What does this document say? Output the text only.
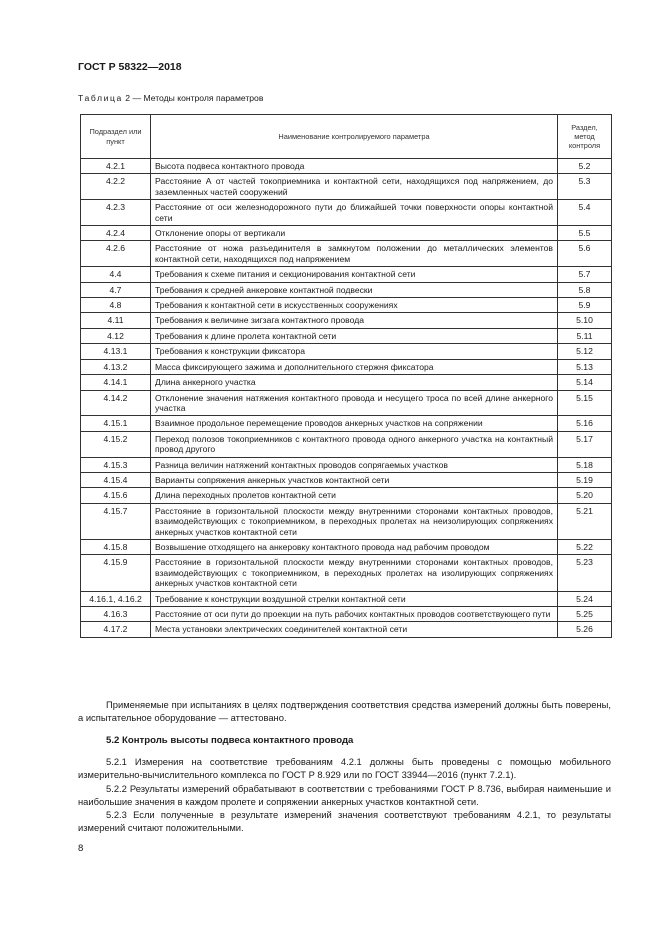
ГОСТ Р 58322—2018
Таблица 2 — Методы контроля параметров
Подраздел или пункт	Наименование контролируемого параметра	Раздел, метод контроля
4.2.1	Высота подвеса контактного провода	5.2
4.2.2	Расстояние А от частей токоприемника и контактной сети, находящихся под напряжением, до заземленных частей сооружений	5.3
4.2.3	Расстояние от оси железнодорожного пути до ближайшей точки поверхности опоры контактной сети	5.4
4.2.4	Отклонение опоры от вертикали	5.5
4.2.6	Расстояние от ножа разъединителя в замкнутом положении до металлических элементов контактной сети, находящихся под напряжением	5.6
4.4	Требования к схеме питания и секционирования контактной сети	5.7
4.7	Требования к средней анкеровке контактной подвески	5.8
4.8	Требования к контактной сети в искусственных сооружениях	5.9
4.11	Требования к величине зигзага контактного провода	5.10
4.12	Требования к длине пролета контактной сети	5.11
4.13.1	Требования к конструкции фиксатора	5.12
4.13.2	Масса фиксирующего зажима и дополнительного стержня фиксатора	5.13
4.14.1	Длина анкерного участка	5.14
4.14.2	Отклонение значения натяжения контактного провода и несущего троса по всей длине анкерного участка	5.15
4.15.1	Взаимное продольное перемещение проводов анкерных участков на сопряжении	5.16
4.15.2	Переход полозов токоприемников с контактного провода одного анкерного участка на контактный провод другого	5.17
4.15.3	Разница величин натяжений контактных проводов сопрягаемых участков	5.18
4.15.4	Варианты сопряжения анкерных участков контактной сети	5.19
4.15.6	Длина переходных пролетов контактной сети	5.20
4.15.7	Расстояние в горизонтальной плоскости между внутренними сторонами контактных проводов, взаимодействующих с токоприемником, в переходных пролетах на неизолирующих сопряжениях анкерных участков контактной сети	5.21
4.15.8	Возвышение отходящего на анкеровку контактного провода над рабочим проводом	5.22
4.15.9	Расстояние в горизонтальной плоскости между внутренними сторонами контактных проводов, взаимодействующих с токоприемником, в переходных пролетах на изолирующих сопряжениях анкерных участков контактной сети	5.23
4.16.1, 4.16.2	Требование к конструкции воздушной стрелки контактной сети	5.24
4.16.3	Расстояние от оси пути до проекции на путь рабочих контактных проводов соответствующего пути	5.25
4.17.2	Места установки электрических соединителей контактной сети	5.26
Применяемые при испытаниях в целях подтверждения соответствия средства измерений должны быть поверены, а испытательное оборудование — аттестовано.
5.2 Контроль высоты подвеса контактного провода
5.2.1 Измерения на соответствие требованиям 4.2.1 должны быть проведены с помощью мобильного измерительно-вычислительного комплекса по ГОСТ Р 8.929 или по ГОСТ 33944—2016 (пункт 7.2.1).
5.2.2 Результаты измерений обрабатывают в соответствии с требованиями ГОСТ Р 8.736, выбирая наименьшие и наибольшие значения в каждом пролете и сопряжении анкерных участков контактной сети.
5.2.3 Если полученные в результате измерений значения соответствуют требованиям 4.2.1, то результаты измерений считают положительными.
8
